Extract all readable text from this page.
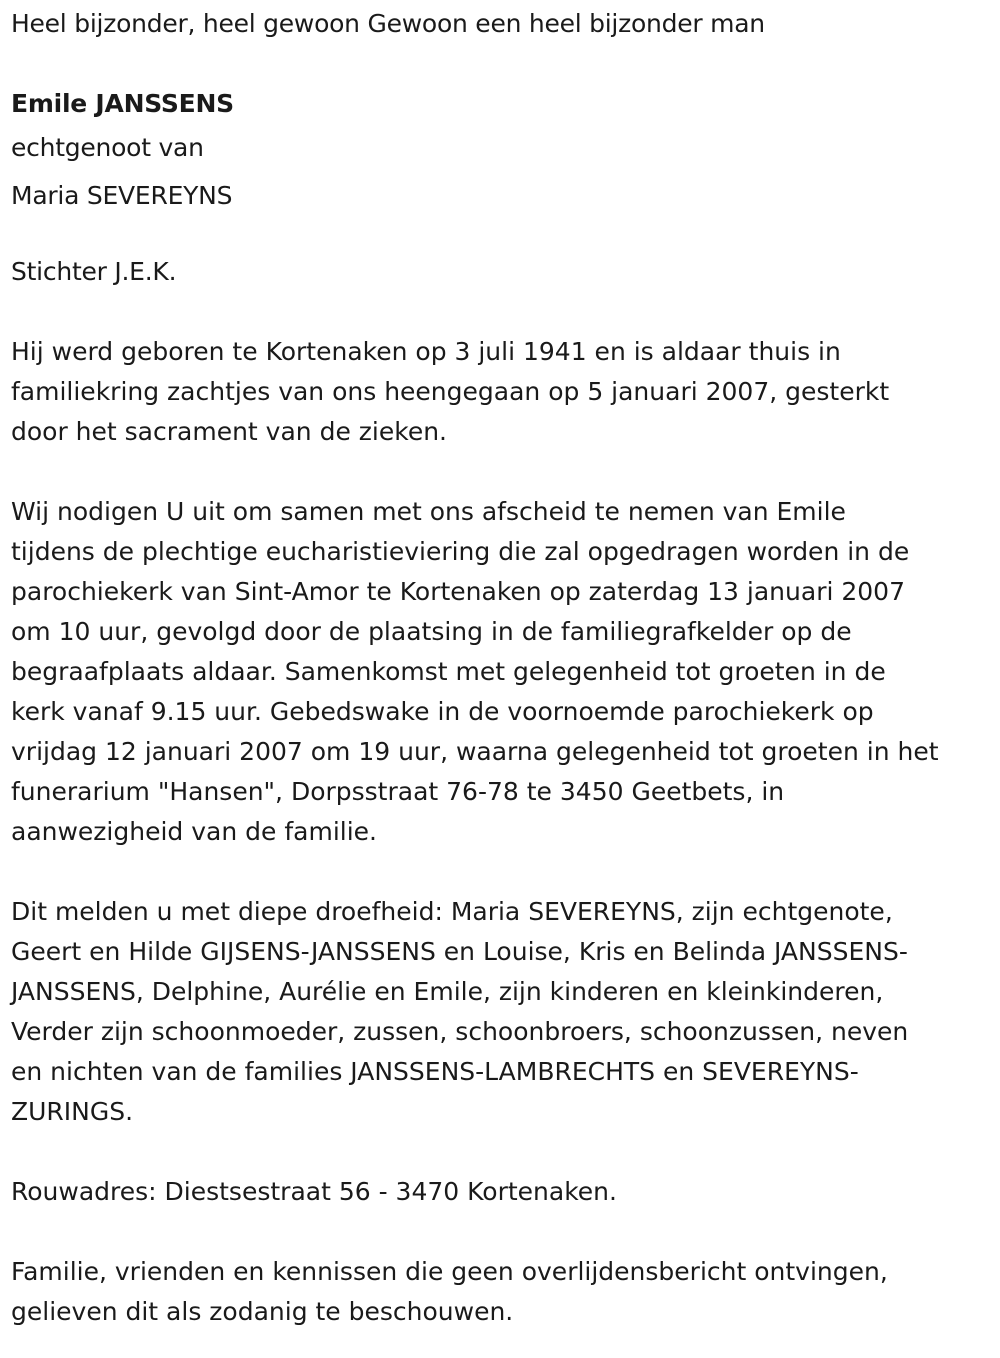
Heel bijzonder, heel gewoon Gewoon een heel bijzonder man

Emile JANSSENS

echtgenoot van

Maria SEVEREYNS

Stichter J.E.K.

Hij werd geboren te Kortenaken op 3 juli 1941 en is aldaar thuis in
familiekring zachtjes van ons heengegaan op 5 januari 2007, gesterkt
door het sacrament van de zieken.
Wij nodigen U uit om samen met ons afscheid te nemen van Emile
tijdens de plechtige eucharistieviering die zal opgedragen worden in de
parochiekerk van Sint-Amor te Kortenaken op zaterdag 13 januari 2007
om 10 uur, gevolgd door de plaatsing in de familiegrafkelder op de
begraafplaats aldaar. Samenkomst met gelegenheid tot groeten in de
kerk vanaf 9.15 uur. Gebedswake in de voornoemde parochiekerk op
vrijdag 12 januari 2007 om 19 uur, waarna gelegenheid tot groeten in het
funerarium "Hansen", Dorpsstraat 76-78 te 3450 Geetbets, in
aanwezigheid van de familie.
Dit melden u met diepe droefheid: Maria SEVEREYNS, zijn echtgenote,
Geert en Hilde GIJSENS-JANSSENS en Louise, Kris en Belinda JANSSENS-
JANSSENS, Delphine, Aurélie en Emile, zijn kinderen en kleinkinderen,
Verder zijn schoonmoeder, zussen, schoonbroers, schoonzussen, neven
en nichten van de families JANSSENS-LAMBRECHTS en SEVEREYNS-
ZURINGS.
Rouwadres: Diestsestraat 56 - 3470 Kortenaken.
Familie, vrienden en kennissen die geen overlijdensbericht ontvingen,
gelieven dit als zodanig te beschouwen.
